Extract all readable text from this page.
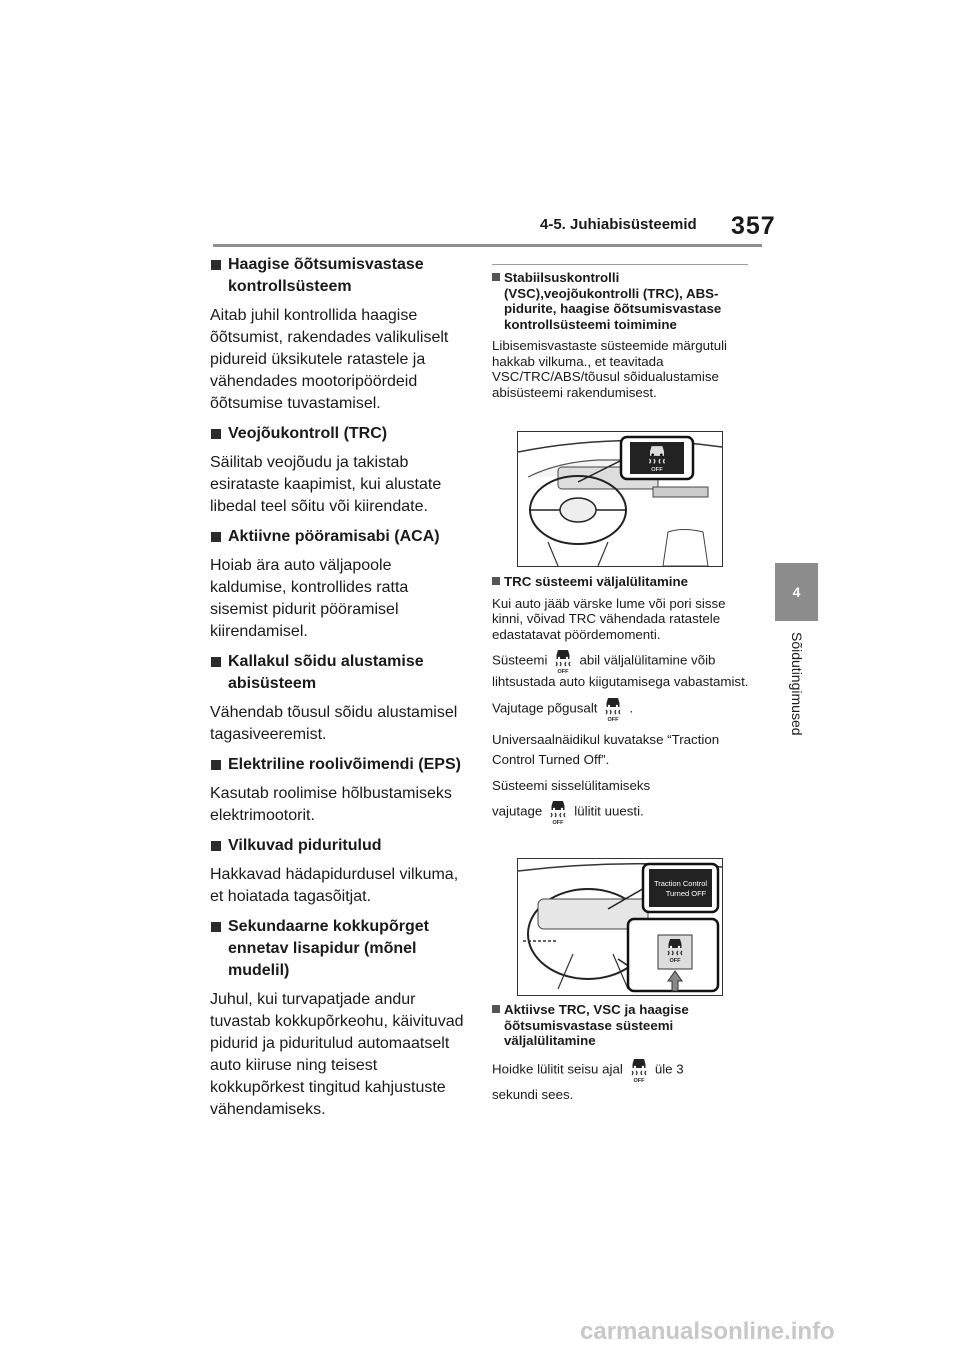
4-5. Juhiabisüsteemid 357
4
Sõidutingimused
Haagise õõtsumisvastase kontrollsüsteem

Aitab juhil kontrollida haagise õõtsumist, rakendades valikuliselt pidureid üksikutele ratastele ja vähendades mootoripöördeid õõtsumise tuvastamisel.

Veojõukontroll (TRC)

Säilitab veojõudu ja takistab esirataste kaapimist, kui alustate libedal teel sõitu või kiirendate.

Aktiivne pööramisabi (ACA)

Hoiab ära auto väljapoole kaldumise, kontrollides ratta sisemist pidurit pööramisel kiirendamisel.

Kallakul sõidu alustamise abisüsteem

Vähendab tõusul sõidu alustamisel tagasiveeremist.

Elektriline roolivõimendi (EPS)

Kasutab roolimise hõlbustamiseks elektrimootorit.

Vilkuvad piduritulud

Hakkavad hädapidurdusel vilkuma, et hoiatada tagasõitjat.

Sekundaarne kokkupõrget ennetav lisapidur (mõnel mudelil)

Juhul, kui turvapatjade andur tuvastab kokkupõrkeohu, käivituvad pidurid ja piduritulud automaatselt auto kiiruse ning teisest kokkupõrkest tingitud kahjustuste vähendamiseks.

Stabiilsuskontrolli (VSC),veojõukontrolli (TRC), ABS-pidurite, haagise õõtsumisvastase kontrollsüsteemi toimimine

Libisemisvastaste süsteemide märgutuli hakkab vilkuma., et teavitada VSC/TRC/ABS/tõusul sõidualustamise abisüsteemi rakendumisest.

TRC süsteemi väljalülitamine

Kui auto jääb värske lume või pori sisse kinni, võivad TRC vähendada ratastele edastatavat pöördemomenti.

Süsteemi abil väljalülitamine võib

lihtsustada auto kiigutamisega vabastamist.

Vajutage põgusalt .

Universaalnäidikul kuvatakse “Traction Control Turned Off”.

Süsteemi sisselülitamiseks

vajutage lülitit uuesti.

Traction Control
Turned OFF
Aktiivse TRC, VSC ja haagise õõtsumisvastase süsteemi väljalülitamine

Hoidke lülitit seisu ajal üle 3

sekundi sees.

carmanualsonline.info
